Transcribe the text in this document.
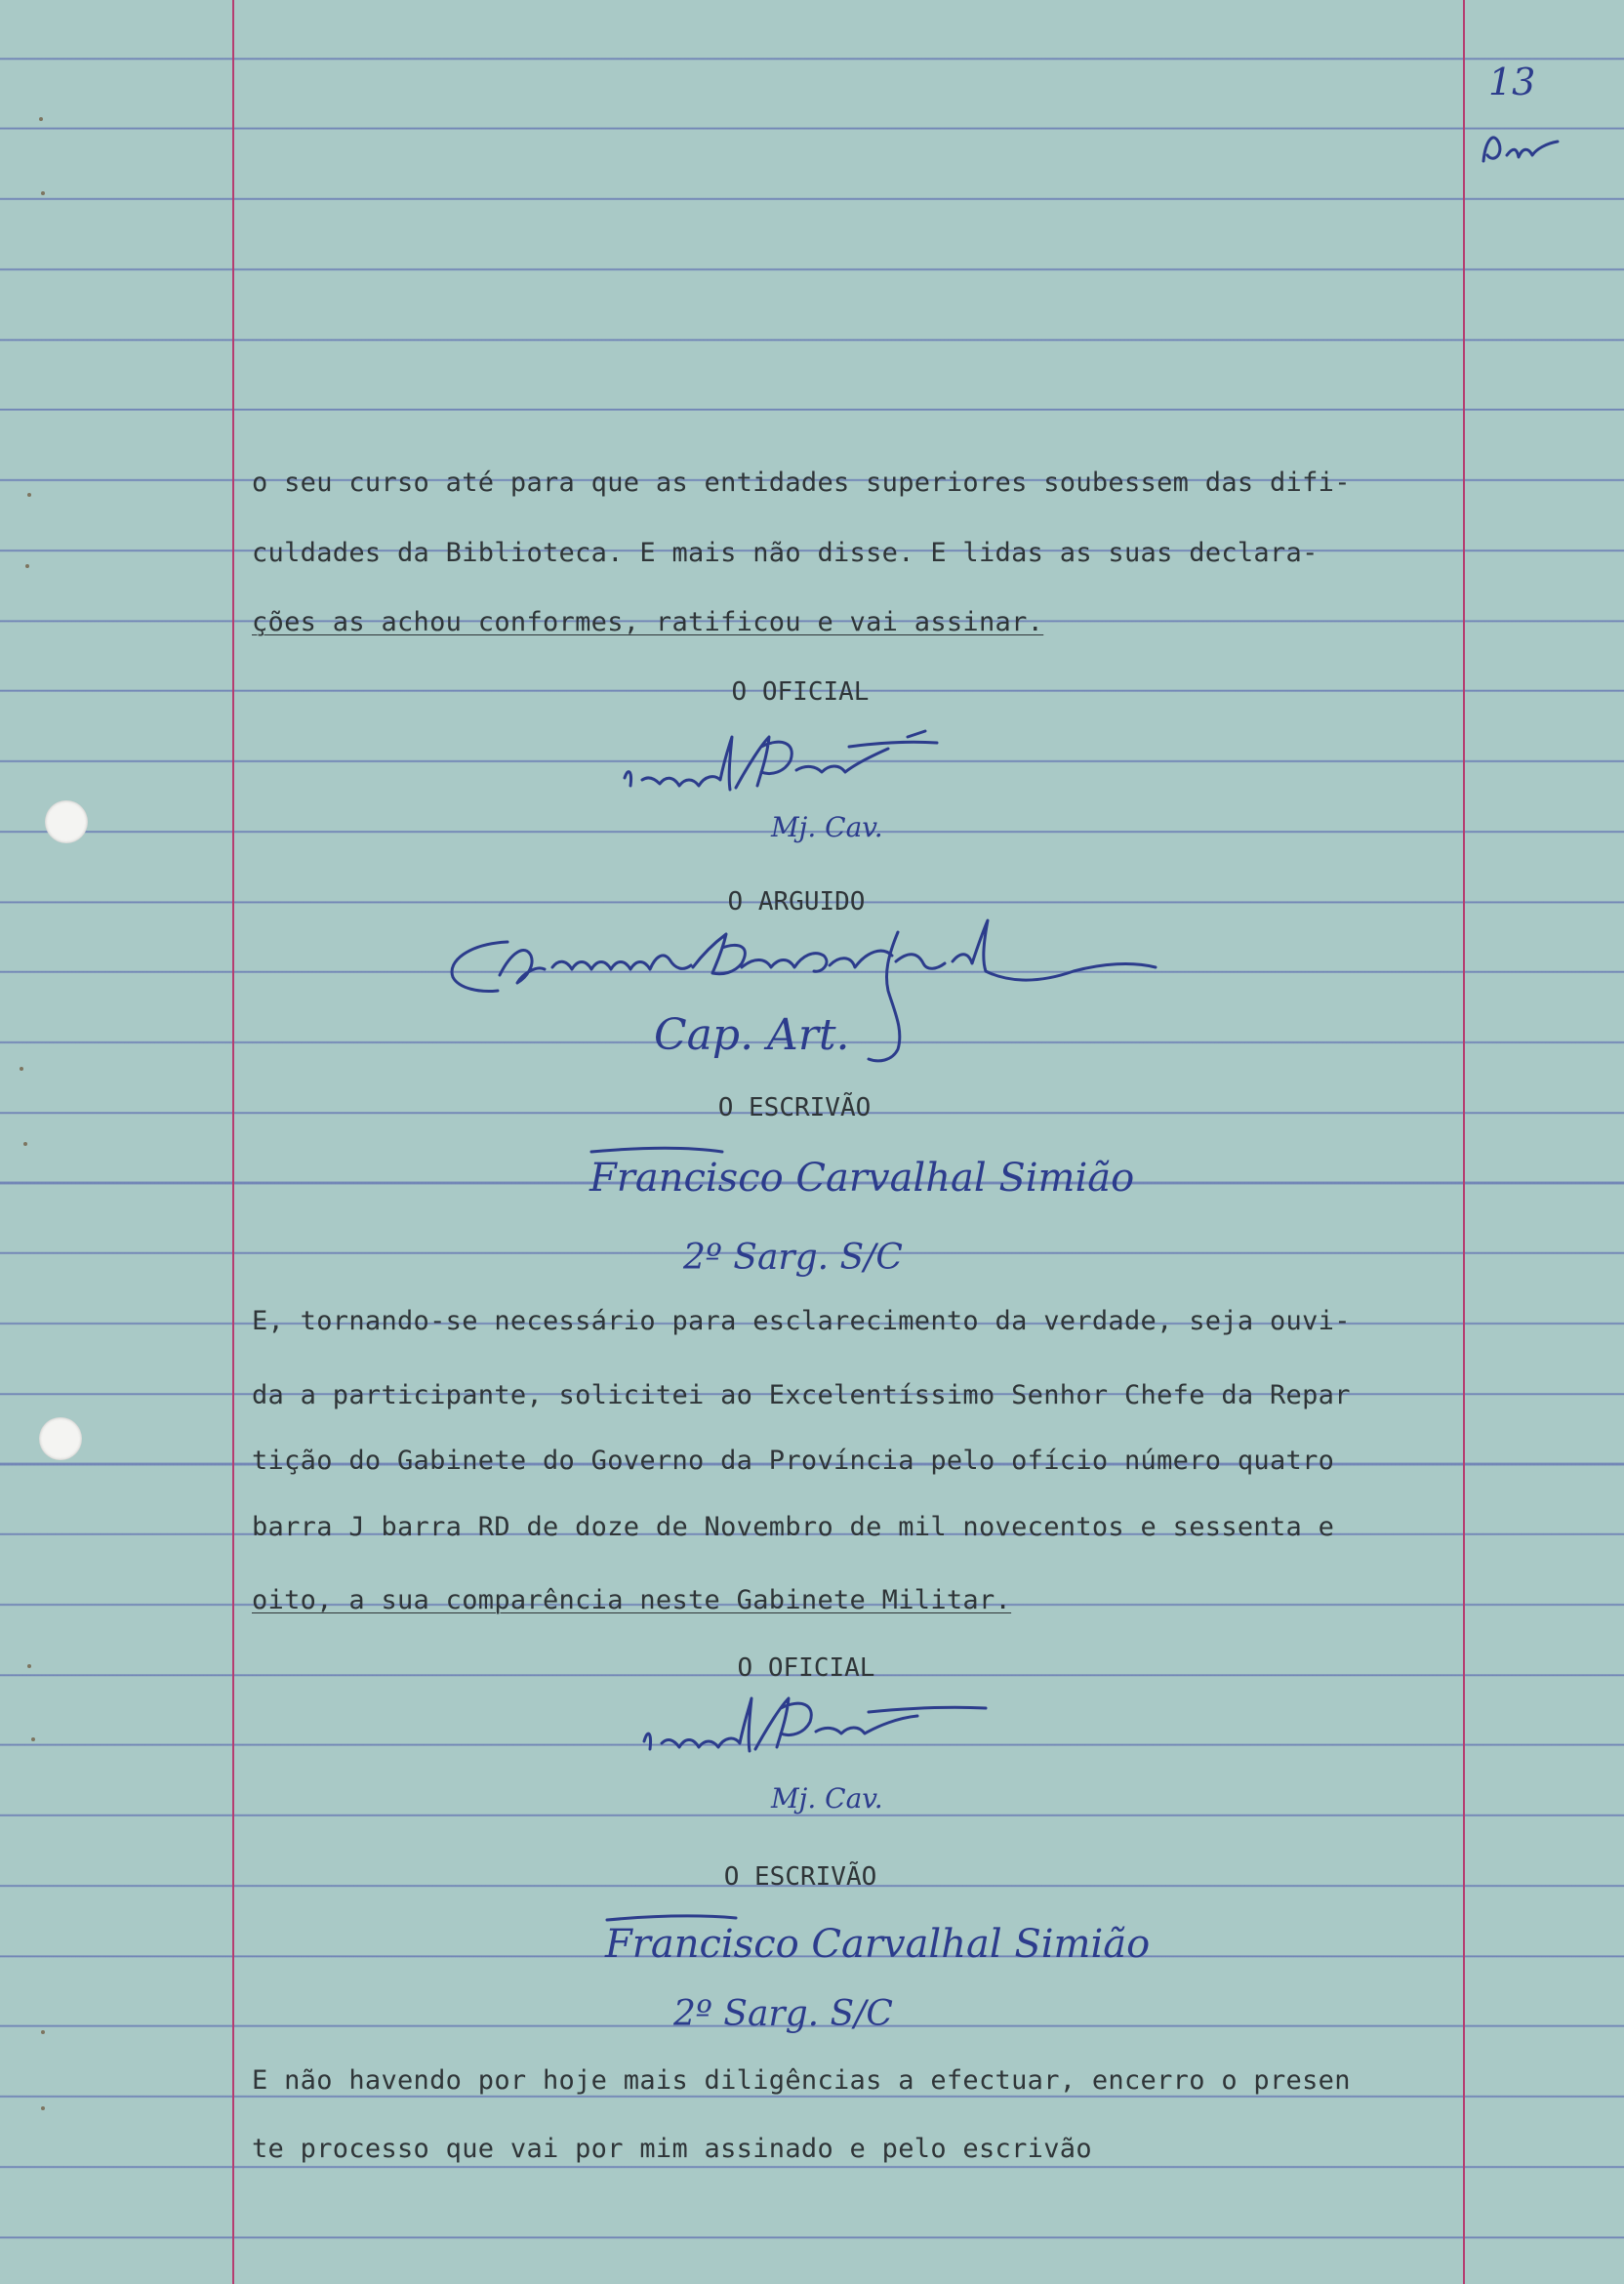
13
o seu curso até para que as entidades superiores soubessem das difi-
culdades da Biblioteca. E mais não disse. E lidas as suas declara-
ções as achou conformes, ratificou e vai assinar.
O OFICIAL
Mj. Cav.
O ARGUIDO
Cap. Art.
O ESCRIVÃO
Francisco Carvalhal Simião
2º Sarg. S/C
E, tornando-se necessário para esclarecimento da verdade, seja ouvi-
da a participante, solicitei ao Excelentíssimo Senhor Chefe da Repar
tição do Gabinete do Governo da Província pelo ofício número quatro
barra J barra RD de doze de Novembro de mil novecentos e sessenta e
oito, a sua comparência neste Gabinete Militar.
O OFICIAL
Mj. Cav.
O ESCRIVÃO
Francisco Carvalhal Simião
2º Sarg. S/C
E não havendo por hoje mais diligências a efectuar, encerro o presen
te processo que vai por mim assinado e pelo escrivão
